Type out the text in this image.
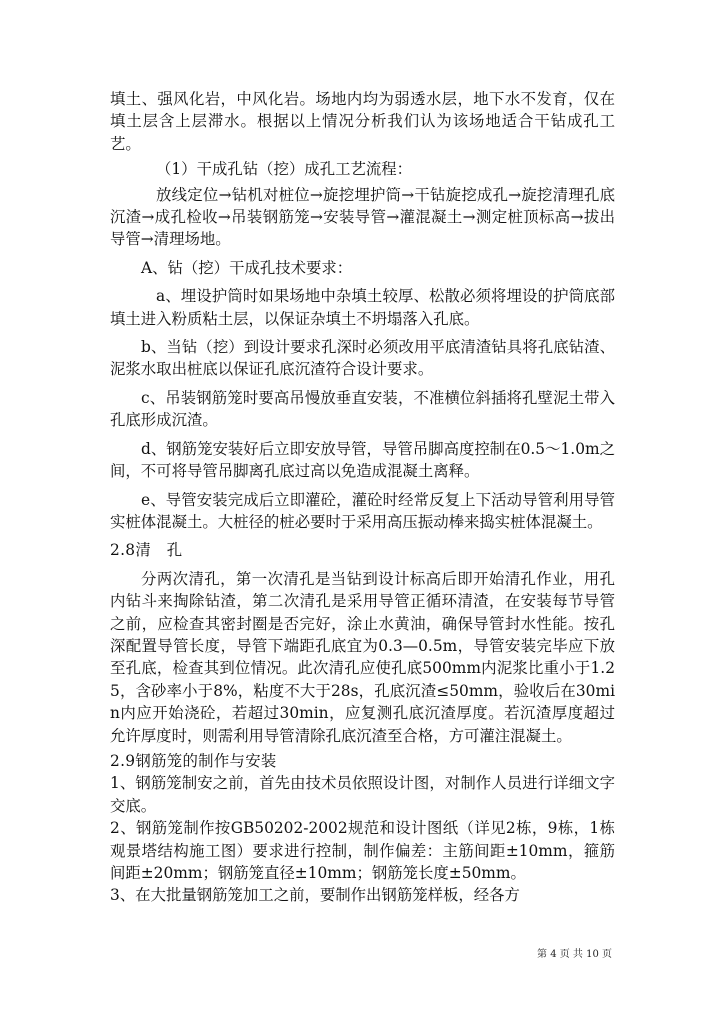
填土、强风化岩，中风化岩。场地内均为弱透水层，地下水不发育，仅在填土层含上层滞水。根据以上情况分析我们认为该场地适合干钻成孔工艺。

（1）干成孔钻（挖）成孔工艺流程：

放线定位→钻机对桩位→旋挖埋护筒→干钻旋挖成孔→旋挖清理孔底沉渣→成孔检收→吊装钢筋笼→安装导管→灌混凝土→测定桩顶标高→拔出导管→清理场地。

A、钻（挖）干成孔技术要求：

a、埋设护筒时如果场地中杂填土较厚、松散必须将埋设的护筒底部填土进入粉质粘土层，以保证杂填土不坍塌落入孔底。

b、当钻（挖）到设计要求孔深时必须改用平底清渣钻具将孔底钻渣、泥浆水取出桩底以保证孔底沉渣符合设计要求。

c、吊装钢筋笼时要高吊慢放垂直安装，不准横位斜插将孔壁泥土带入孔底形成沉渣。

d、钢筋笼安装好后立即安放导管，导管吊脚高度控制在0.5～1.0m之间，不可将导管吊脚离孔底过高以免造成混凝土离释。

e、导管安装完成后立即灌砼，灌砼时经常反复上下活动导管利用导管实桩体混凝土。大桩径的桩必要时于采用高压振动棒来捣实桩体混凝土。

2.8清　孔

分两次清孔，第一次清孔是当钻到设计标高后即开始清孔作业，用孔内钻斗来掏除钻渣，第二次清孔是采用导管正循环清渣，在安装每节导管之前，应检查其密封圈是否完好，涂止水黄油，确保导管封水性能。按孔深配置导管长度，导管下端距孔底宜为0.3—0.5m，导管安装完毕应下放至孔底，检查其到位情况。此次清孔应使孔底500mm内泥浆比重小于1.25，含砂率小于8%，粘度不大于28s，孔底沉渣≤50mm，验收后在30min内应开始浇砼，若超过30min，应复测孔底沉渣厚度。若沉渣厚度超过允许厚度时，则需利用导管清除孔底沉渣至合格，方可灌注混凝土。

2.9钢筋笼的制作与安装

1、钢筋笼制安之前，首先由技术员依照设计图，对制作人员进行详细文字交底。

2、钢筋笼制作按GB50202-2002规范和设计图纸（详见2栋，9栋，1栋观景塔结构施工图）要求进行控制，制作偏差：主筋间距±10mm，箍筋间距±20mm；钢筋笼直径±10mm；钢筋笼长度±50mm。

3、在大批量钢筋笼加工之前，要制作出钢筋笼样板，经各方

第 4 页 共 10 页
